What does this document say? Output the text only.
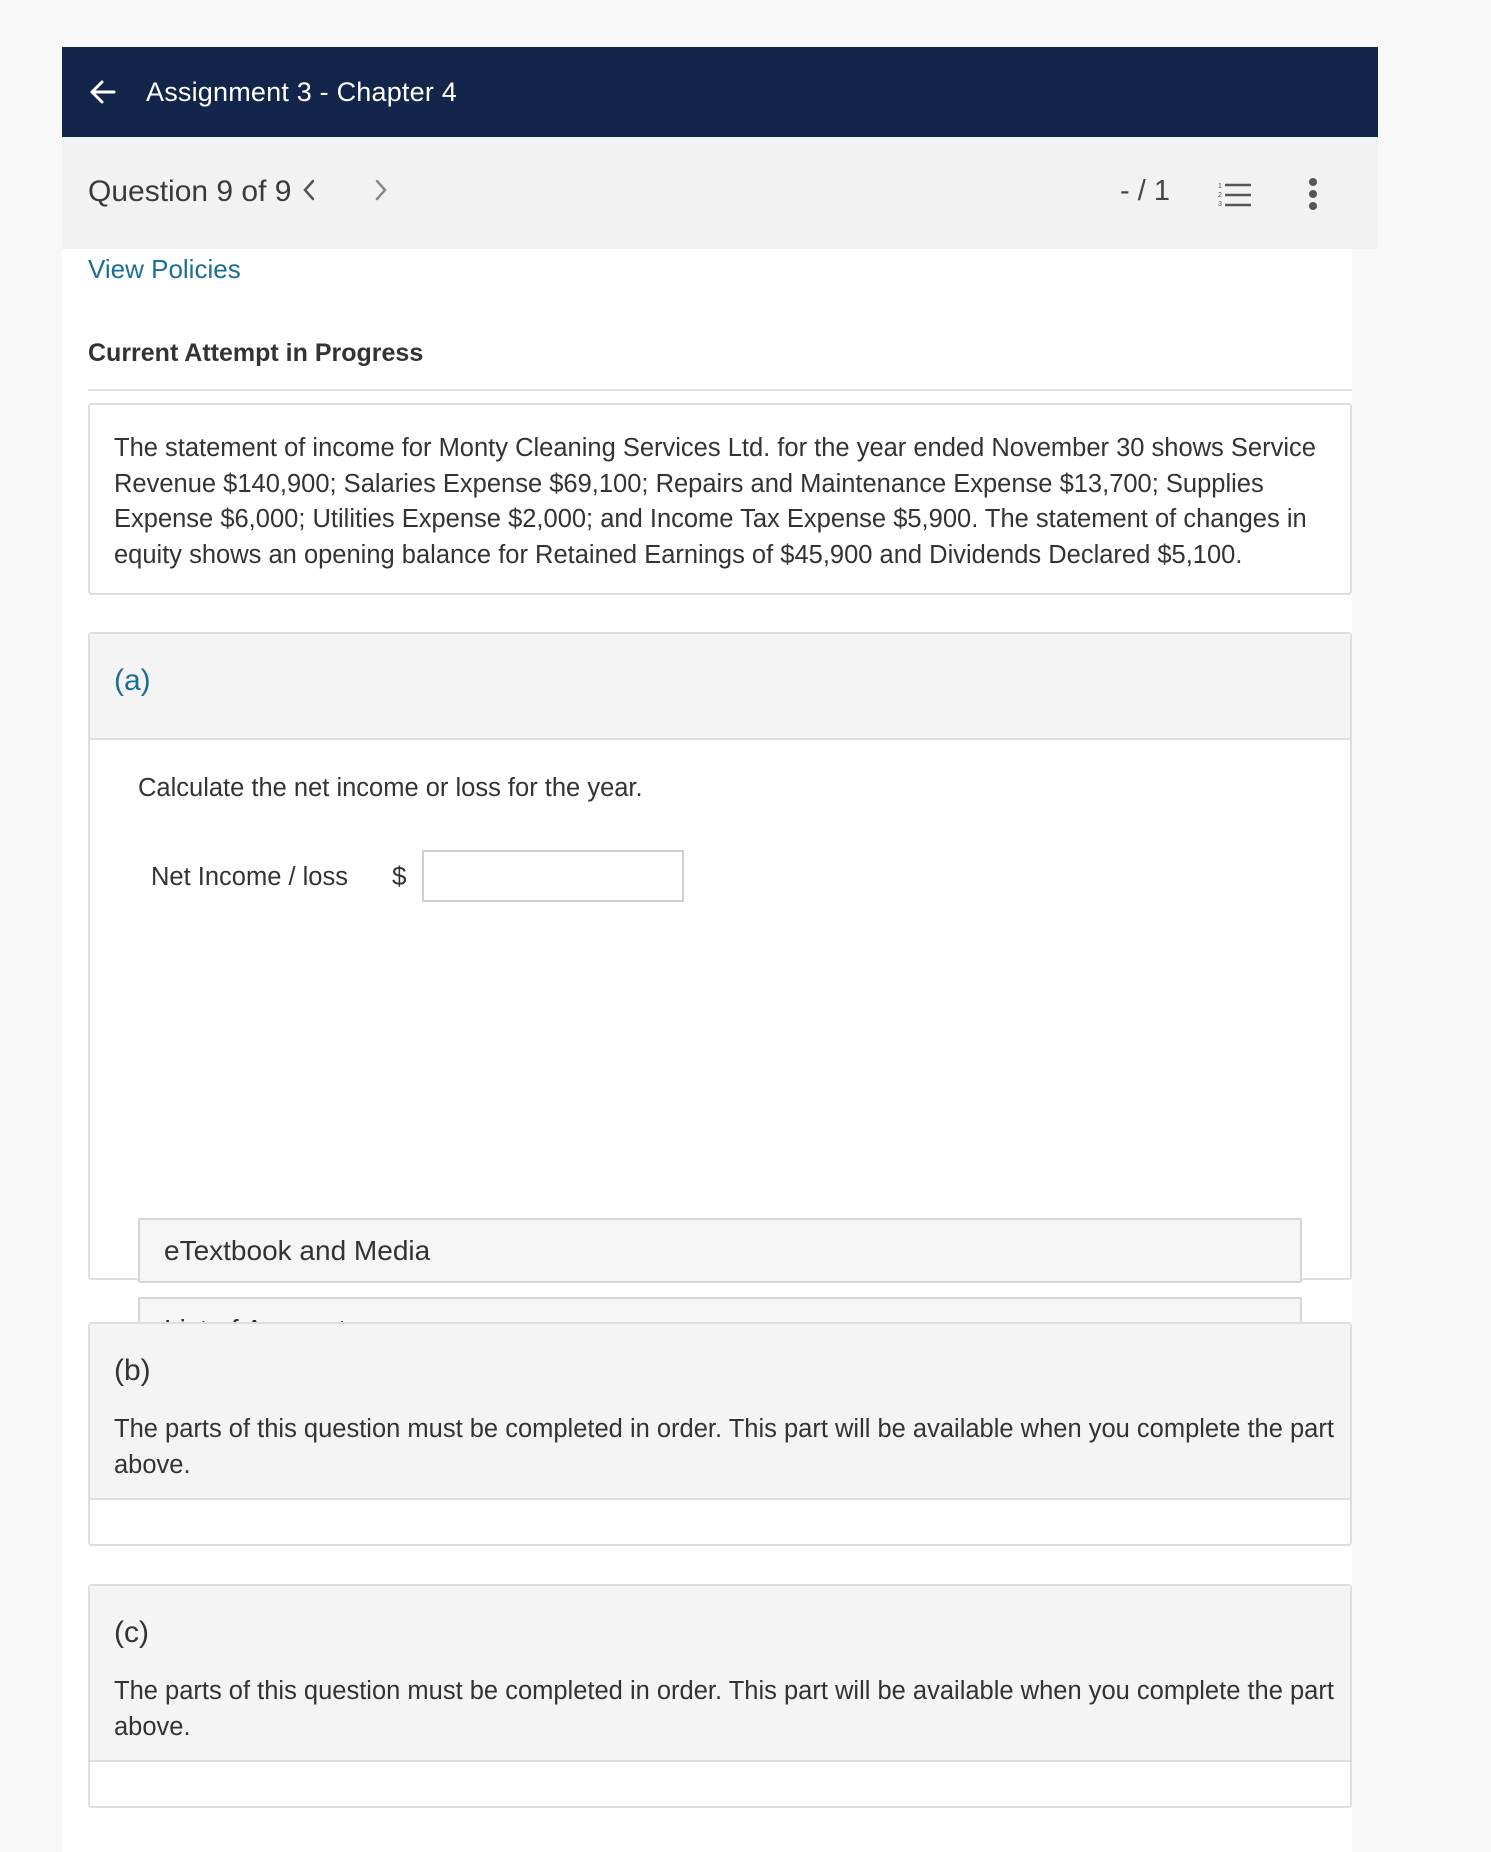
Assignment 3 - Chapter 4
Question 9 of 9	- / 1	1
2
3
View Policies
Current Attempt in Progress
The statement of income for Monty Cleaning Services Ltd. for the year ended November 30 shows Service Revenue $140,900; Salaries Expense $69,100; Repairs and Maintenance Expense $13,700; Supplies Expense $6,000; Utilities Expense $2,000; and Income Tax Expense $5,900. The statement of changes in equity shows an opening balance for Retained Earnings of $45,900 and Dividends Declared $5,100.
(a)
Calculate the net income or loss for the year.
Net Income / loss $
eTextbook and Media
(b)
The parts of this question must be completed in order. This part will be available when you complete the part above.
(c)
The parts of this question must be completed in order. This part will be available when you complete the part above.
